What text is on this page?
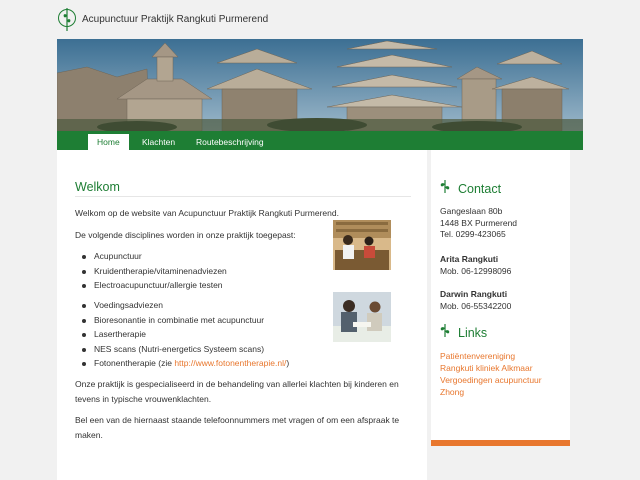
Acupunctuur Praktijk Rangkuti Purmerend
Home	Klachten	Routebeschrijving
Welkom
Welkom op de website van Acupunctuur Praktijk Rangkuti Purmerend.
De volgende disciplines worden in onze praktijk toegepast:
Acupunctuur
Kruidentherapie/vitaminenadviezen
Electroacupunctuur/allergie testen
Voedingsadviezen
Bioresonantie in combinatie met acupunctuur
Lasertherapie
NES scans (Nutri-energetics Systeem scans)
Fotonentherapie (zie http://www.fotonentherapie.nl/)
Onze praktijk is gespecialiseerd in de behandeling van allerlei klachten bij kinderen en
tevens in typische vrouwenklachten.
Bel een van de hiernaast staande telefoonnummers met vragen of om een afspraak te
maken.
Contact
Gangeslaan 80b
1448 BX Purmerend
Tel. 0299-423065
Arita Rangkuti
Mob. 06-12998096
Darwin Rangkuti
Mob. 06-55342200
Links
Patiëntenvereniging
Rangkuti kliniek Alkmaar
Vergoedingen acupunctuur
Zhong
